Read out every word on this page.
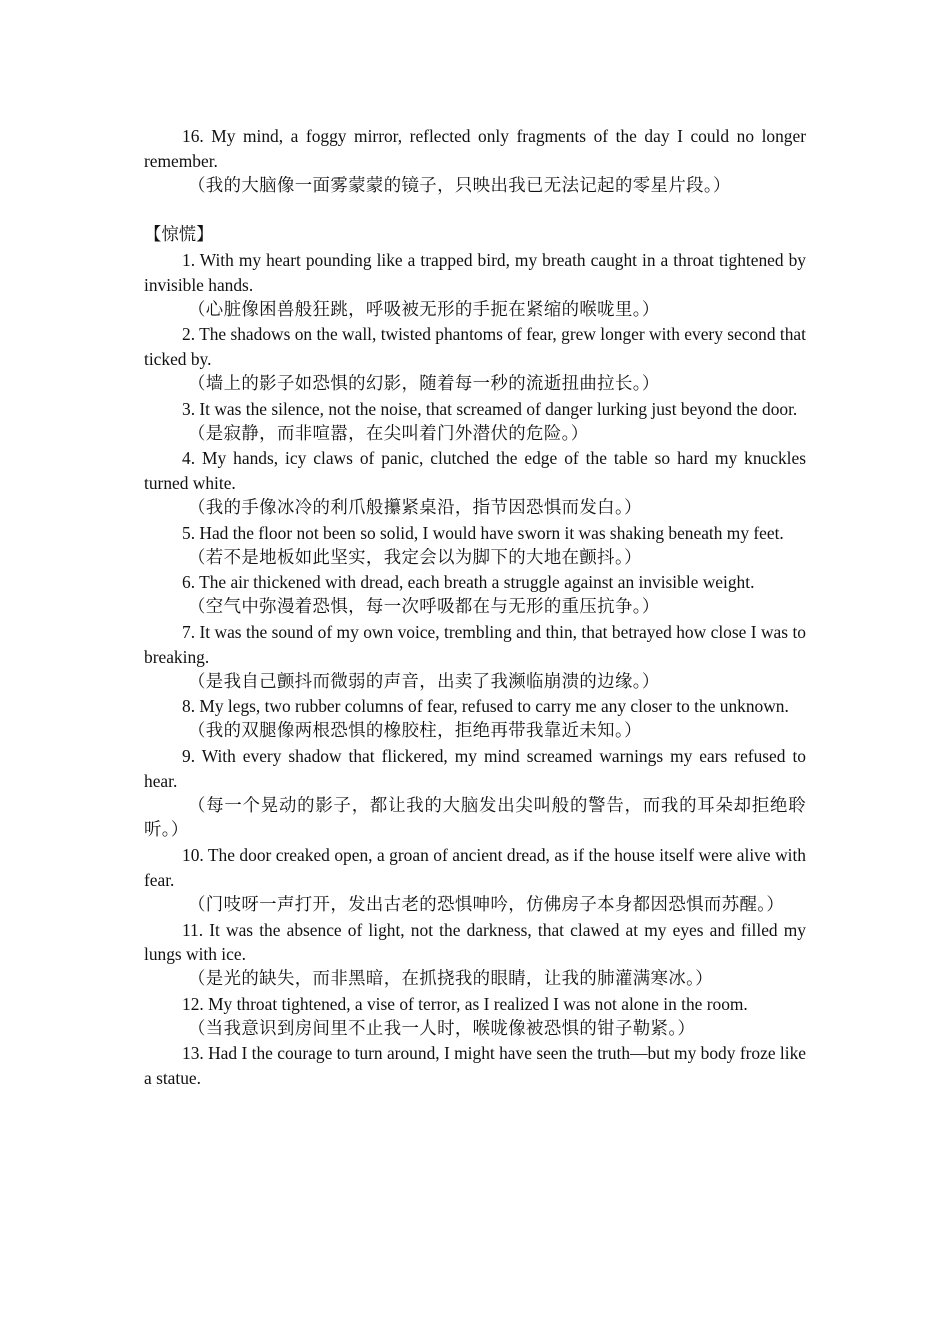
16. My mind, a foggy mirror, reflected only fragments of the day I could no longer remember.

（我的大脑像一面雾蒙蒙的镜子，只映出我已无法记起的零星片段。）

【惊慌】

1. With my heart pounding like a trapped bird, my breath caught in a throat tightened by invisible hands.

（心脏像困兽般狂跳，呼吸被无形的手扼在紧缩的喉咙里。）

2. The shadows on the wall, twisted phantoms of fear, grew longer with every second that ticked by.

（墙上的影子如恐惧的幻影，随着每一秒的流逝扭曲拉长。）

3. It was the silence, not the noise, that screamed of danger lurking just beyond the door.

（是寂静，而非喧嚣，在尖叫着门外潜伏的危险。）

4. My hands, icy claws of panic, clutched the edge of the table so hard my knuckles turned white.

（我的手像冰冷的利爪般攥紧桌沿，指节因恐惧而发白。）

5. Had the floor not been so solid, I would have sworn it was shaking beneath my feet.

（若不是地板如此坚实，我定会以为脚下的大地在颤抖。）

6. The air thickened with dread, each breath a struggle against an invisible weight.

（空气中弥漫着恐惧，每一次呼吸都在与无形的重压抗争。）

7. It was the sound of my own voice, trembling and thin, that betrayed how close I was to breaking.

（是我自己颤抖而微弱的声音，出卖了我濒临崩溃的边缘。）

8. My legs, two rubber columns of fear, refused to carry me any closer to the unknown.

（我的双腿像两根恐惧的橡胶柱，拒绝再带我靠近未知。）

9. With every shadow that flickered, my mind screamed warnings my ears refused to hear.

（每一个晃动的影子，都让我的大脑发出尖叫般的警告，而我的耳朵却拒绝聆听。）

10. The door creaked open, a groan of ancient dread, as if the house itself were alive with fear.

（门吱呀一声打开，发出古老的恐惧呻吟，仿佛房子本身都因恐惧而苏醒。）

11. It was the absence of light, not the darkness, that clawed at my eyes and filled my lungs with ice.

（是光的缺失，而非黑暗，在抓挠我的眼睛，让我的肺灌满寒冰。）

12. My throat tightened, a vise of terror, as I realized I was not alone in the room.

（当我意识到房间里不止我一人时，喉咙像被恐惧的钳子勒紧。）

13. Had I the courage to turn around, I might have seen the truth—but my body froze like a statue.
